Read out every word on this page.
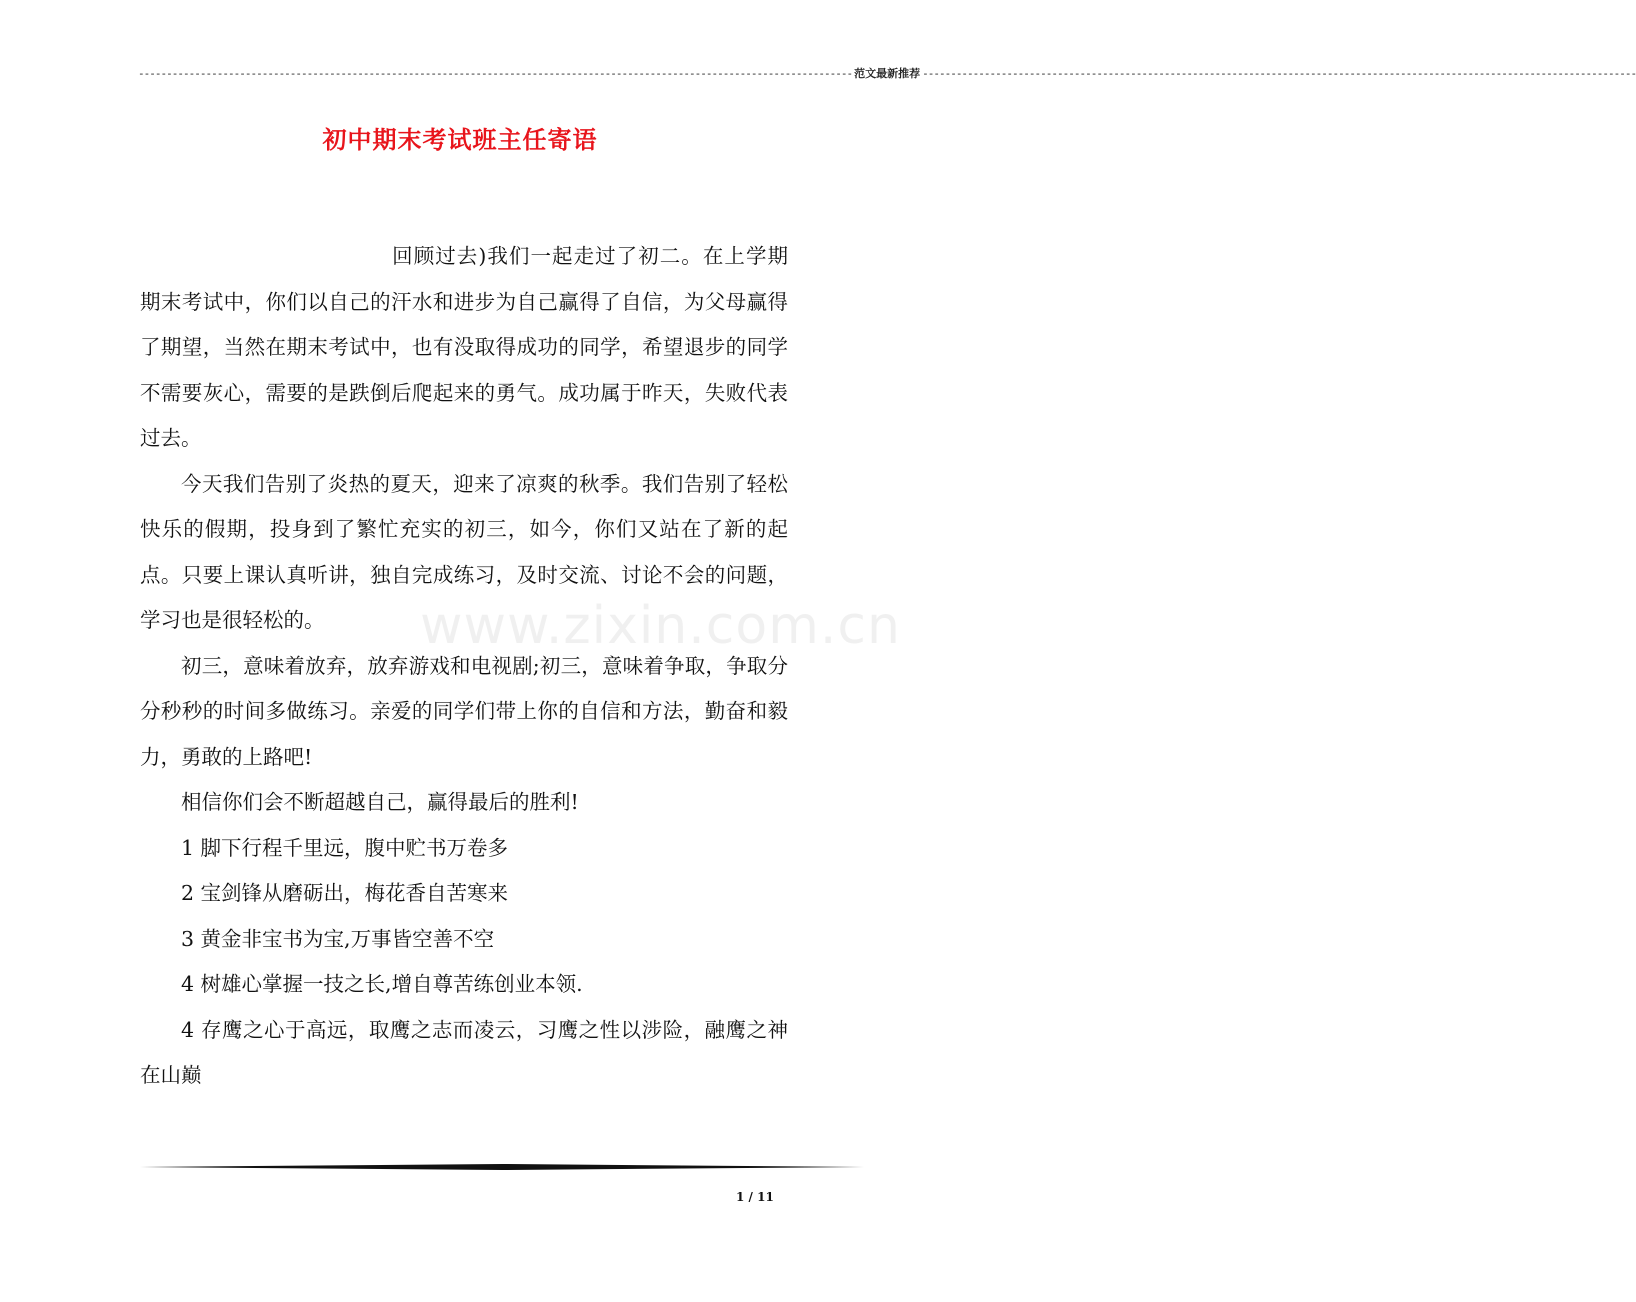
------------------------------------------------------------------------------------------------------------------------------- 范文最新推荐 -------------------------------------------------------------------------------------------------------------------------------
初中期末考试班主任寄语

回顾过去)我们一起走过了初二。在上学期期末考试中，你们以自己的汗水和进步为自己赢得了自信，为父母赢得了期望，当然在期末考试中，也有没取得成功的同学，希望退步的同学不需要灰心，需要的是跌倒后爬起来的勇气。成功属于昨天，失败代表过去。

今天我们告别了炎热的夏天，迎来了凉爽的秋季。我们告别了轻松快乐的假期，投身到了繁忙充实的初三，如今，你们又站在了新的起点。只要上课认真听讲，独自完成练习，及时交流、讨论不会的问题，学习也是很轻松的。

初三，意味着放弃，放弃游戏和电视剧;初三，意味着争取，争取分分秒秒的时间多做练习。亲爱的同学们带上你的自信和方法，勤奋和毅力，勇敢的上路吧!

相信你们会不断超越自己，赢得最后的胜利!

1 脚下行程千里远，腹中贮书万卷多

2 宝剑锋从磨砺出，梅花香自苦寒来

3 黄金非宝书为宝,万事皆空善不空

4 树雄心掌握一技之长,增自尊苦练创业本领.

4 存鹰之心于高远，取鹰之志而凌云，习鹰之性以涉险，融鹰之神在山巅

www.zixin.com.cn
1 / 11
